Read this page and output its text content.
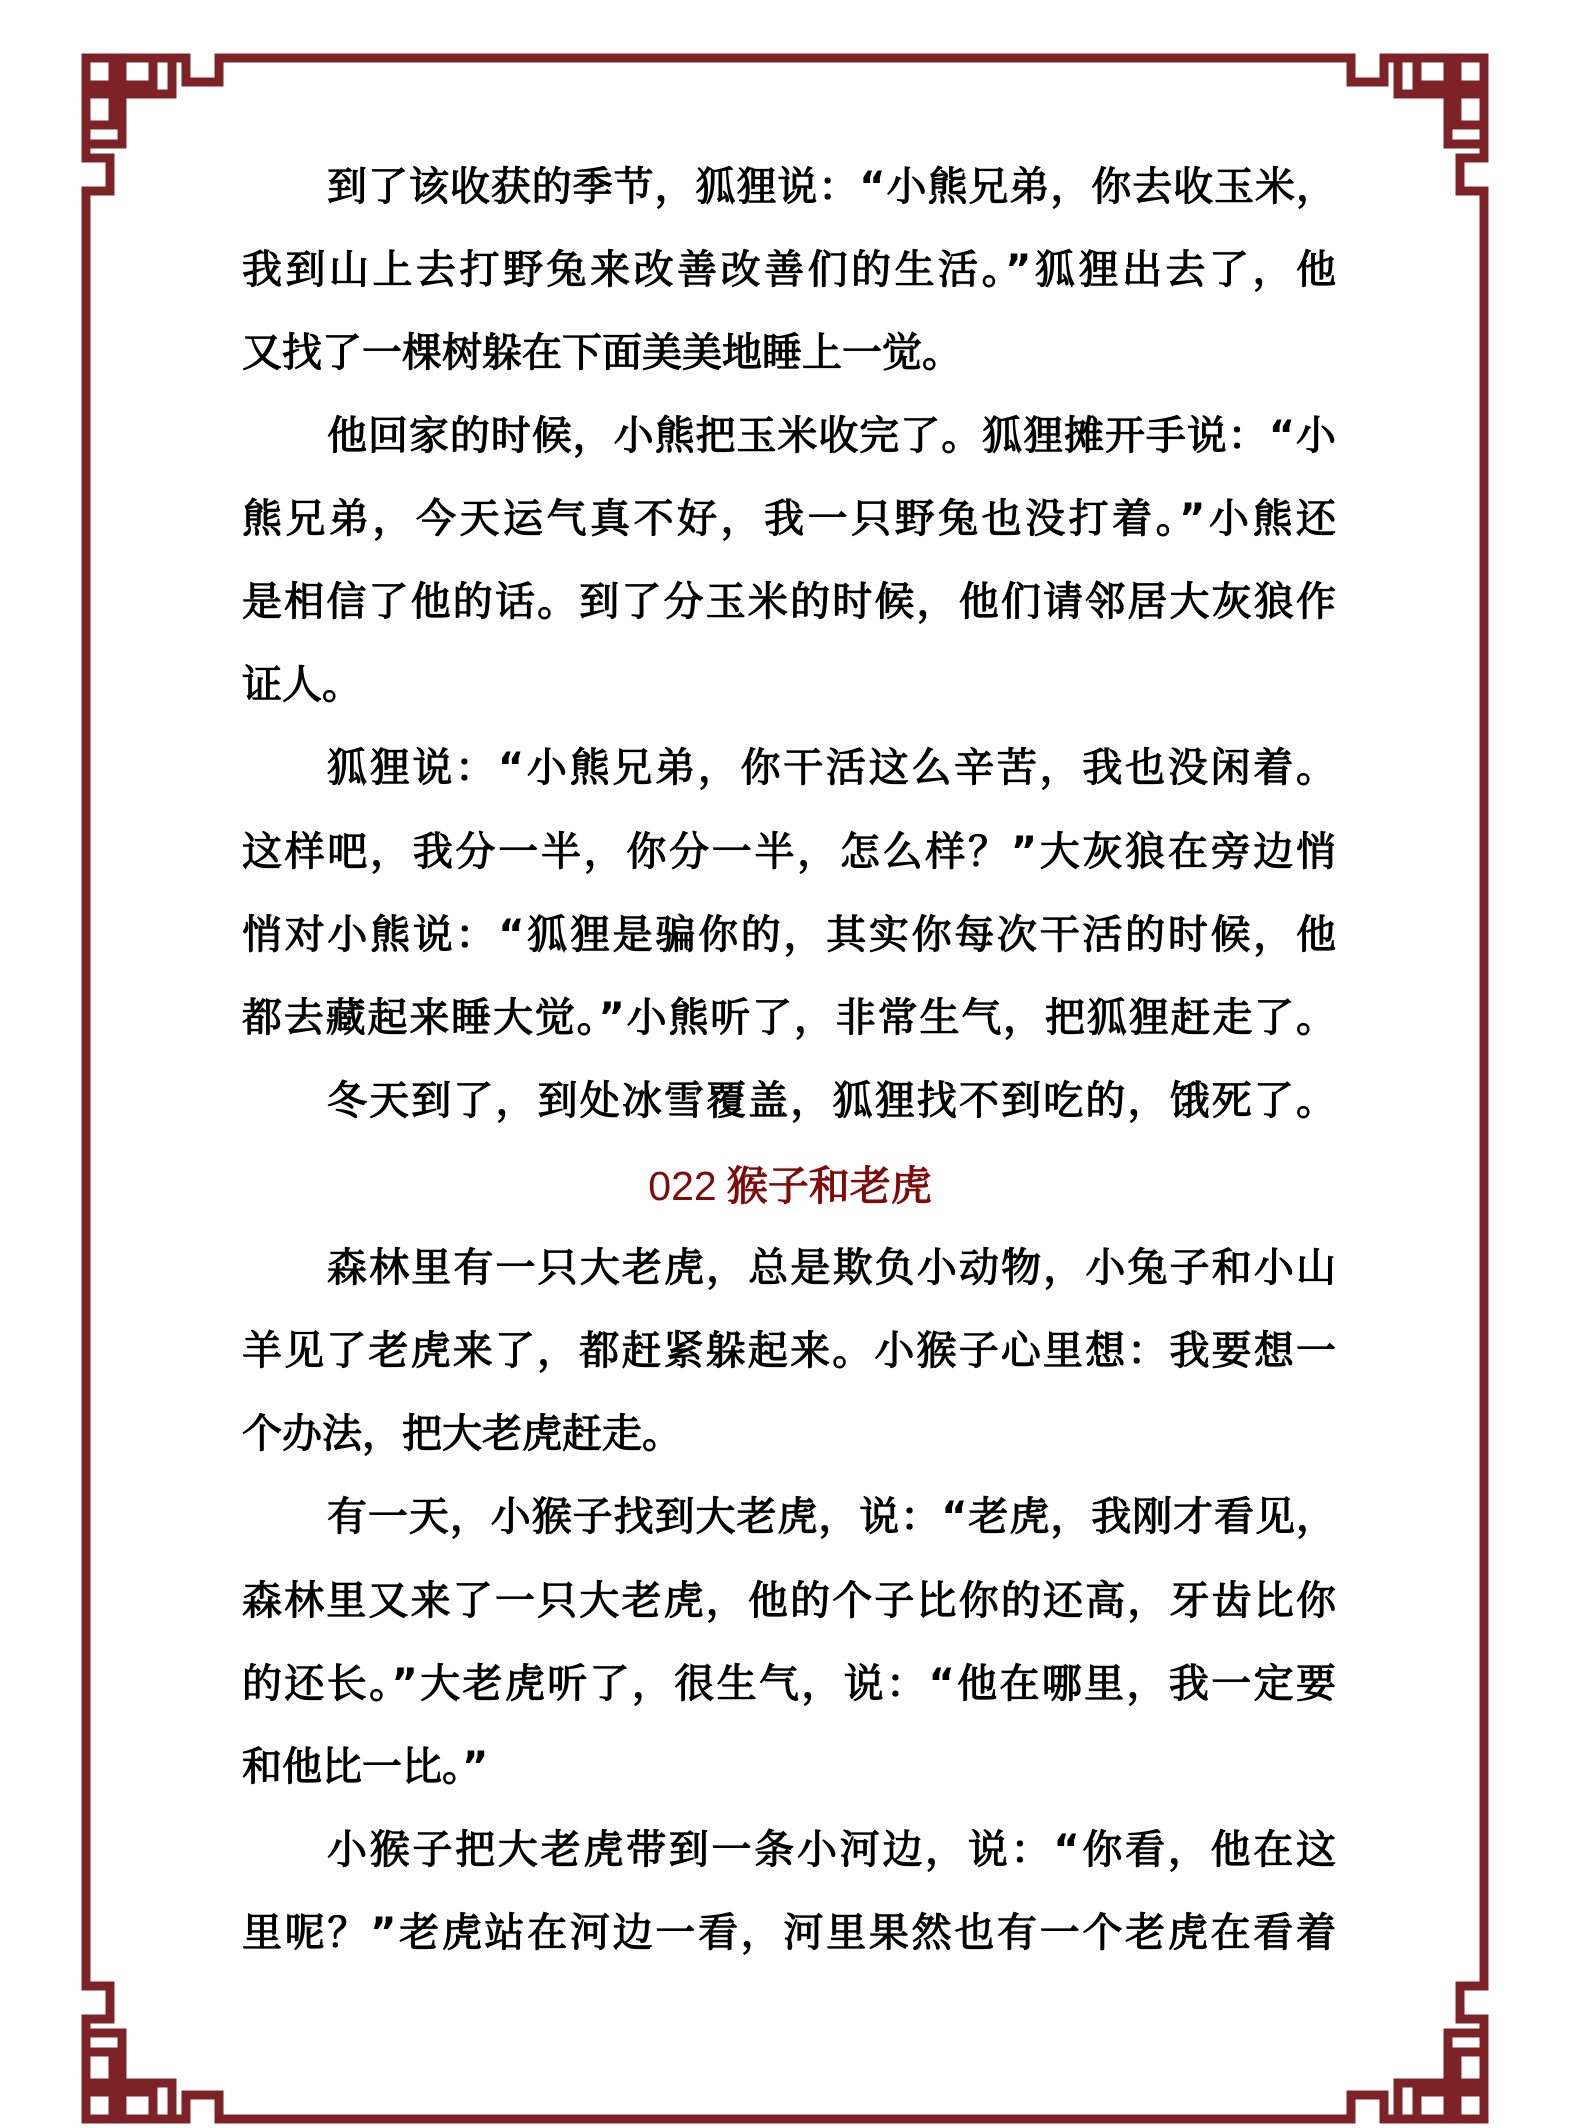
到了该收获的季节，狐狸说：“小熊兄弟，你去收玉米，
我到山上去打野兔来改善改善们的生活。”狐狸出去了，他
又找了一棵树躲在下面美美地睡上一觉。
他回家的时候，小熊把玉米收完了。狐狸摊开手说：“小
熊兄弟，今天运气真不好，我一只野兔也没打着。”小熊还
是相信了他的话。到了分玉米的时候，他们请邻居大灰狼作
证人。
狐狸说：“小熊兄弟，你干活这么辛苦，我也没闲着。
这样吧，我分一半，你分一半，怎么样？”大灰狼在旁边悄
悄对小熊说：“狐狸是骗你的，其实你每次干活的时候，他
都去藏起来睡大觉。”小熊听了，非常生气，把狐狸赶走了。
冬天到了，到处冰雪覆盖，狐狸找不到吃的，饿死了。
022 猴子和老虎
森林里有一只大老虎，总是欺负小动物，小兔子和小山
羊见了老虎来了，都赶紧躲起来。小猴子心里想：我要想一
个办法，把大老虎赶走。
有一天，小猴子找到大老虎，说：“老虎，我刚才看见，
森林里又来了一只大老虎，他的个子比你的还高，牙齿比你
的还长。”大老虎听了，很生气，说：“他在哪里，我一定要
和他比一比。”
小猴子把大老虎带到一条小河边，说：“你看，他在这
里呢？”老虎站在河边一看，河里果然也有一个老虎在看着
